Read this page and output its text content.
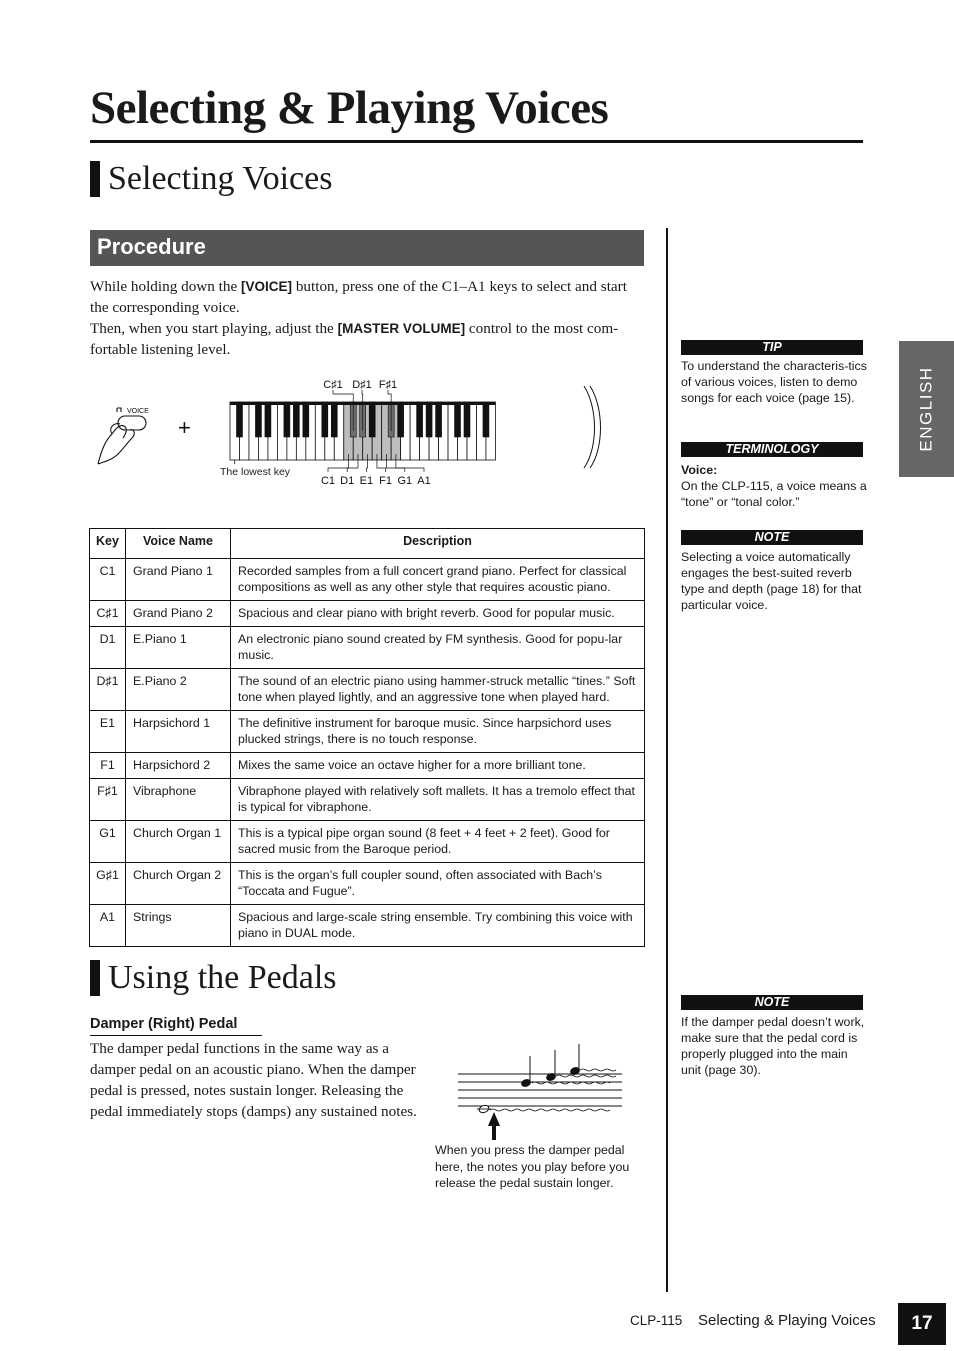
Selecting & Playing Voices
Selecting Voices
Procedure
While holding down the [VOICE] button, press one of the C1–A1 keys to select and start the corresponding voice.
Then, when you start playing, adjust the [MASTER VOLUME] control to the most com-fortable listening level.
VOICE
+
The lowest key
C1 D1 E1 F1 G1 A1
C♯1 D♯1 F♯1
Key	Voice Name	Description
C1	Grand Piano 1	Recorded samples from a full concert grand piano. Perfect for classical compositions as well as any other style that requires acoustic piano.
C♯1	Grand Piano 2	Spacious and clear piano with bright reverb. Good for popular music.
D1	E.Piano 1	An electronic piano sound created by FM synthesis. Good for popu-lar music.
D♯1	E.Piano 2	The sound of an electric piano using hammer-struck metallic “tines.” Soft tone when played lightly, and an aggressive tone when played hard.
E1	Harpsichord 1	The definitive instrument for baroque music. Since harpsichord uses plucked strings, there is no touch response.
F1	Harpsichord 2	Mixes the same voice an octave higher for a more brilliant tone.
F♯1	Vibraphone	Vibraphone played with relatively soft mallets. It has a tremolo effect that is typical for vibraphone.
G1	Church Organ 1	This is a typical pipe organ sound (8 feet + 4 feet + 2 feet). Good for sacred music from the Baroque period.
G♯1	Church Organ 2	This is the organ’s full coupler sound, often associated with Bach’s “Toccata and Fugue”.
A1	Strings	Spacious and large-scale string ensemble. Try combining this voice with piano in DUAL mode.
Using the Pedals
Damper (Right) Pedal
The damper pedal functions in the same way as a damper pedal on an acoustic piano. When the damper pedal is pressed, notes sustain longer. Releasing the pedal immediately stops (damps) any sustained notes.
When you press the damper pedal here, the notes you play before you release the pedal sustain longer.
TIP
To understand the characteris-tics of various voices, listen to demo songs for each voice (page 15).
TERMINOLOGY
Voice:
On the CLP-115, a voice means a “tone” or “tonal color.”
NOTE
Selecting a voice automatically engages the best-suited reverb type and depth (page 18) for that particular voice.
NOTE
If the damper pedal doesn’t work, make sure that the pedal cord is properly plugged into the main unit (page 30).
ENGLISH
CLP-115 Selecting & Playing Voices	17
